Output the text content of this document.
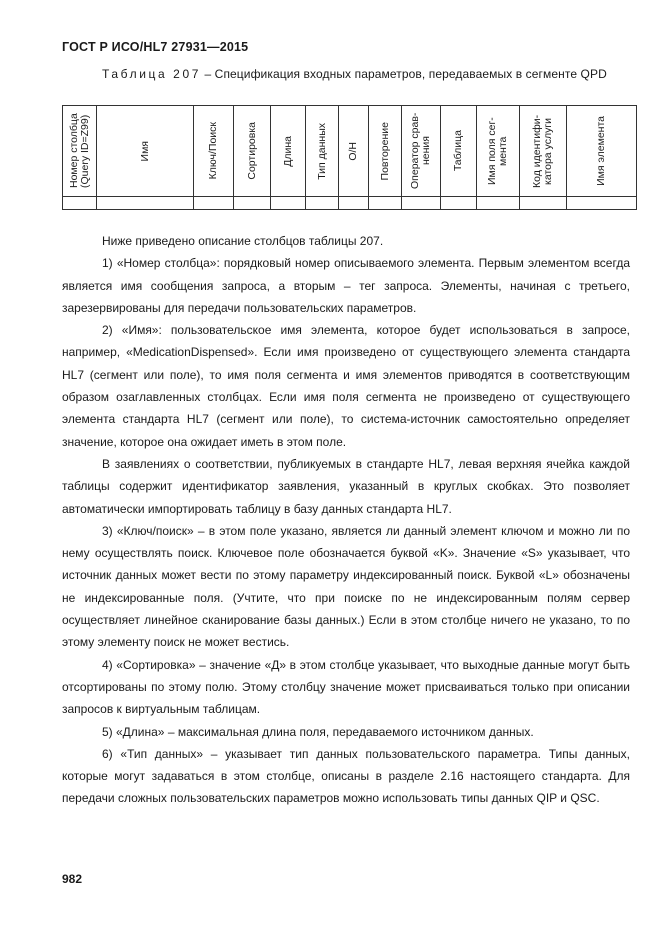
ГОСТ Р ИСО/HL7 27931—2015
Таблица 207 – Спецификация входных параметров, передаваемых в сегменте QPD
Номер столбца (Query ID=Z99)	Имя	Ключ/Поиск	Сортировка	Длина	Тип данных	О/Н	Повторение	Оператор срав-нения	Таблица	Имя поля сег-мента	Код идентифи-катора услуги	Имя элемента

Ниже приведено описание столбцов таблицы 207.

1) «Номер столбца»: порядковый номер описываемого элемента. Первым элементом всегда является имя сообщения запроса, а вторым – тег запроса. Элементы, начиная с третьего, зарезервированы для передачи пользовательских параметров.

2) «Имя»: пользовательское имя элемента, которое будет использоваться в запросе, например, «MedicationDispensed». Если имя произведено от существующего элемента стандарта HL7 (сегмент или поле), то имя поля сегмента и имя элементов приводятся в соответствующим образом озаглавленных столбцах. Если имя поля сегмента не произведено от существующего элемента стандарта HL7 (сегмент или поле), то система-источник самостоятельно определяет значение, которое она ожидает иметь в этом поле.

В заявлениях о соответствии, публикуемых в стандарте HL7, левая верхняя ячейка каждой таблицы содержит идентификатор заявления, указанный в круглых скобках. Это позволяет автоматически импортировать таблицу в базу данных стандарта HL7.

3) «Ключ/поиск» – в этом поле указано, является ли данный элемент ключом и можно ли по нему осуществлять поиск. Ключевое поле обозначается буквой «K». Значение «S» указывает, что источник данных может вести по этому параметру индексированный поиск. Буквой «L» обозначены не индексированные поля. (Учтите, что при поиске по не индексированным полям сервер осуществляет линейное сканирование базы данных.) Если в этом столбце ничего не указано, то по этому элементу поиск не может вестись.

4) «Сортировка» – значение «Д» в этом столбце указывает, что выходные данные могут быть отсортированы по этому полю. Этому столбцу значение может присваиваться только при описании запросов к виртуальным таблицам.

5) «Длина» – максимальная длина поля, передаваемого источником данных.

6) «Тип данных» – указывает тип данных пользовательского параметра. Типы данных, которые могут задаваться в этом столбце, описаны в разделе 2.16 настоящего стандарта. Для передачи сложных пользовательских параметров можно использовать типы данных QIP и QSC.

982
